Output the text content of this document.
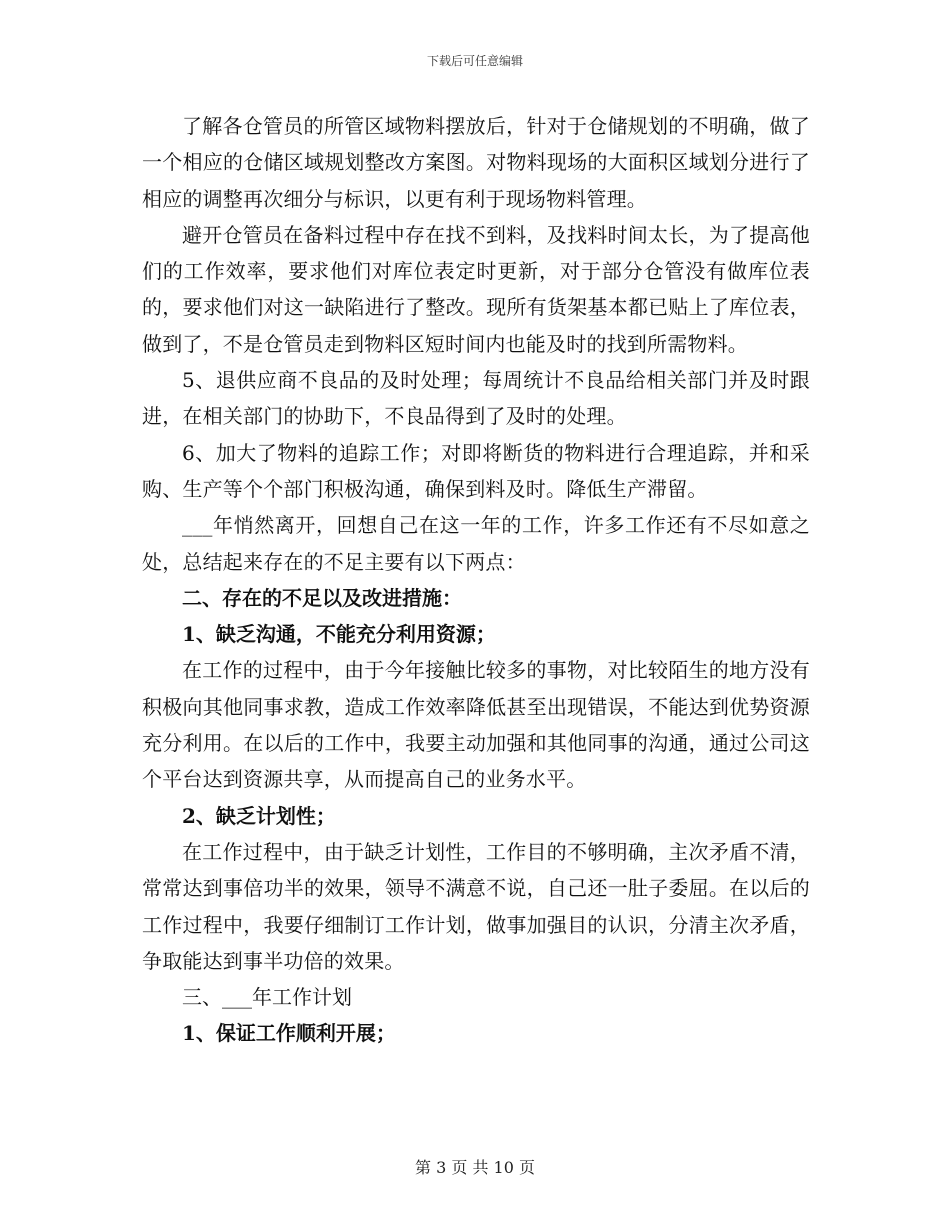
下载后可任意编辑

了解各仓管员的所管区域物料摆放后，针对于仓储规划的不明确，做了一个相应的仓储区域规划整改方案图。对物料现场的大面积区域划分进行了相应的调整再次细分与标识，以更有利于现场物料管理。

避开仓管员在备料过程中存在找不到料，及找料时间太长，为了提高他们的工作效率，要求他们对库位表定时更新，对于部分仓管没有做库位表的，要求他们对这一缺陷进行了整改。现所有货架基本都已贴上了库位表，做到了，不是仓管员走到物料区短时间内也能及时的找到所需物料。

5、退供应商不良品的及时处理；每周统计不良品给相关部门并及时跟进，在相关部门的协助下，不良品得到了及时的处理。

6、加大了物料的追踪工作；对即将断货的物料进行合理追踪，并和采购、生产等个个部门积极沟通，确保到料及时。降低生产滞留。

___年悄然离开，回想自己在这一年的工作，许多工作还有不尽如意之处，总结起来存在的不足主要有以下两点：

二、存在的不足以及改进措施：

1、缺乏沟通，不能充分利用资源；

在工作的过程中，由于今年接触比较多的事物，对比较陌生的地方没有积极向其他同事求教，造成工作效率降低甚至出现错误，不能达到优势资源充分利用。在以后的工作中，我要主动加强和其他同事的沟通，通过公司这个平台达到资源共享，从而提高自己的业务水平。

2、缺乏计划性；

在工作过程中，由于缺乏计划性，工作目的不够明确，主次矛盾不清，常常达到事倍功半的效果，领导不满意不说，自己还一肚子委屈。在以后的工作过程中，我要仔细制订工作计划，做事加强目的认识，分清主次矛盾，争取能达到事半功倍的效果。

三、___年工作计划

1、保证工作顺利开展；

第 3 页 共 10 页
